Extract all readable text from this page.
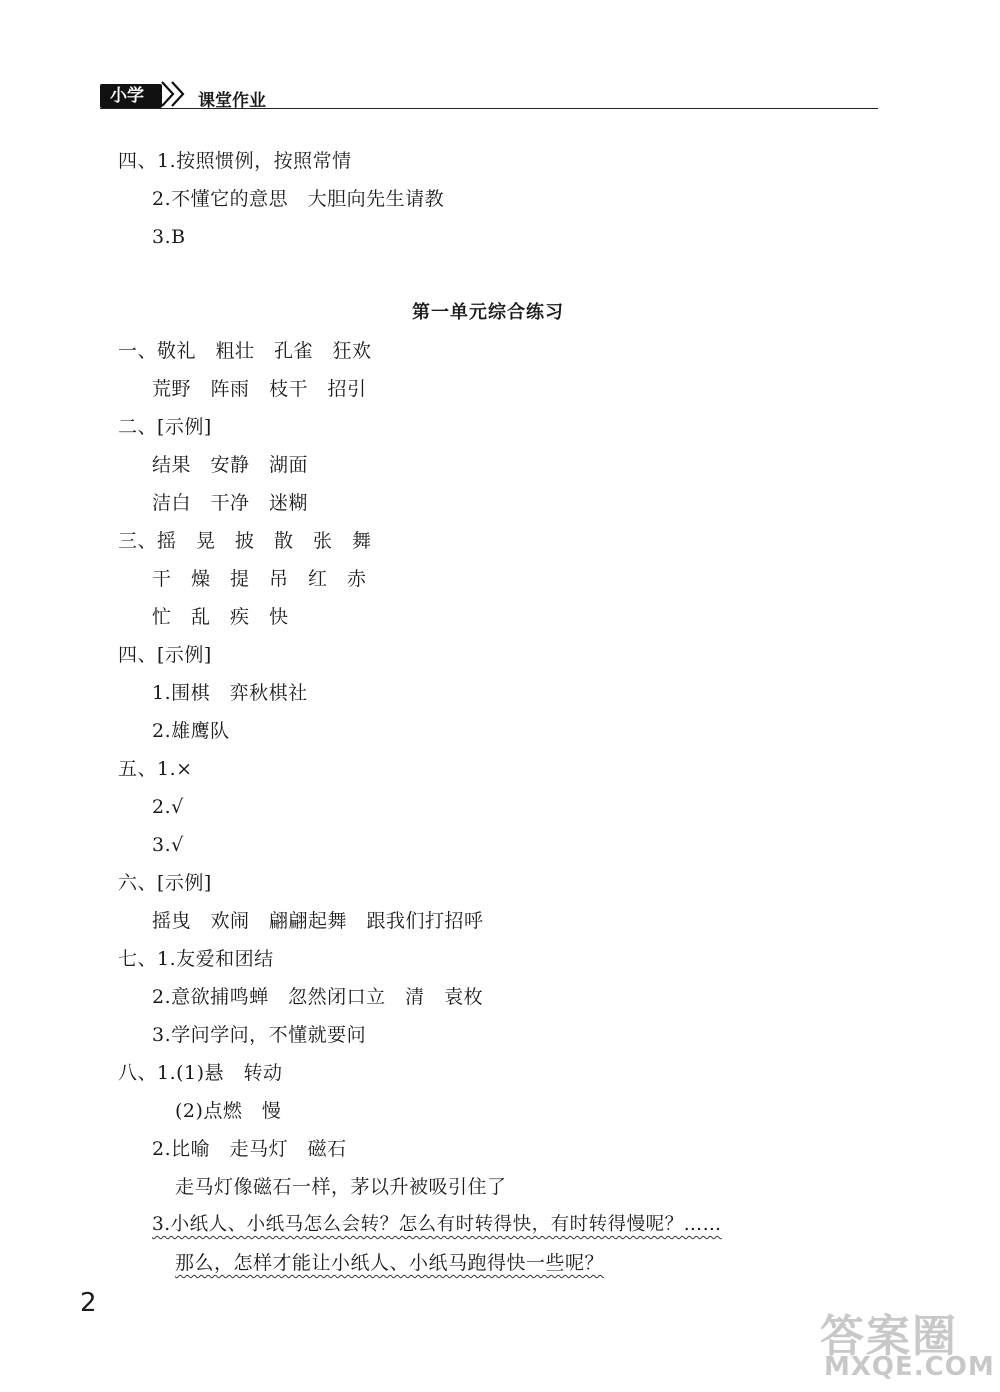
小学	课堂作业
四、1.按照惯例，按照常情
2.不懂它的意思　大胆向先生请教
3.B
第一单元综合练习
一、敬礼　粗壮　孔雀　狂欢
荒野　阵雨　枝干　招引
二、[示例]
结果　安静　湖面
洁白　干净　迷糊
三、摇　晃　披　散　张　舞
干　燥　提　吊　红　赤
忙　乱　疾　快
四、[示例]
1.围棋　弈秋棋社
2.雄鹰队
五、1.×
2.√
3.√
六、[示例]
摇曳　欢闹　翩翩起舞　跟我们打招呼
七、1.友爱和团结
2.意欲捕鸣蝉　忽然闭口立　清　袁枚
3.学问学问，不懂就要问
八、1.(1)悬　转动
(2)点燃　慢
2.比喻　走马灯　磁石
走马灯像磁石一样，茅以升被吸引住了
3.小纸人、小纸马怎么会转？怎么有时转得快，有时转得慢呢？……
那么，怎样才能让小纸人、小纸马跑得快一些呢？
2
答案圈
MXQE.COM
